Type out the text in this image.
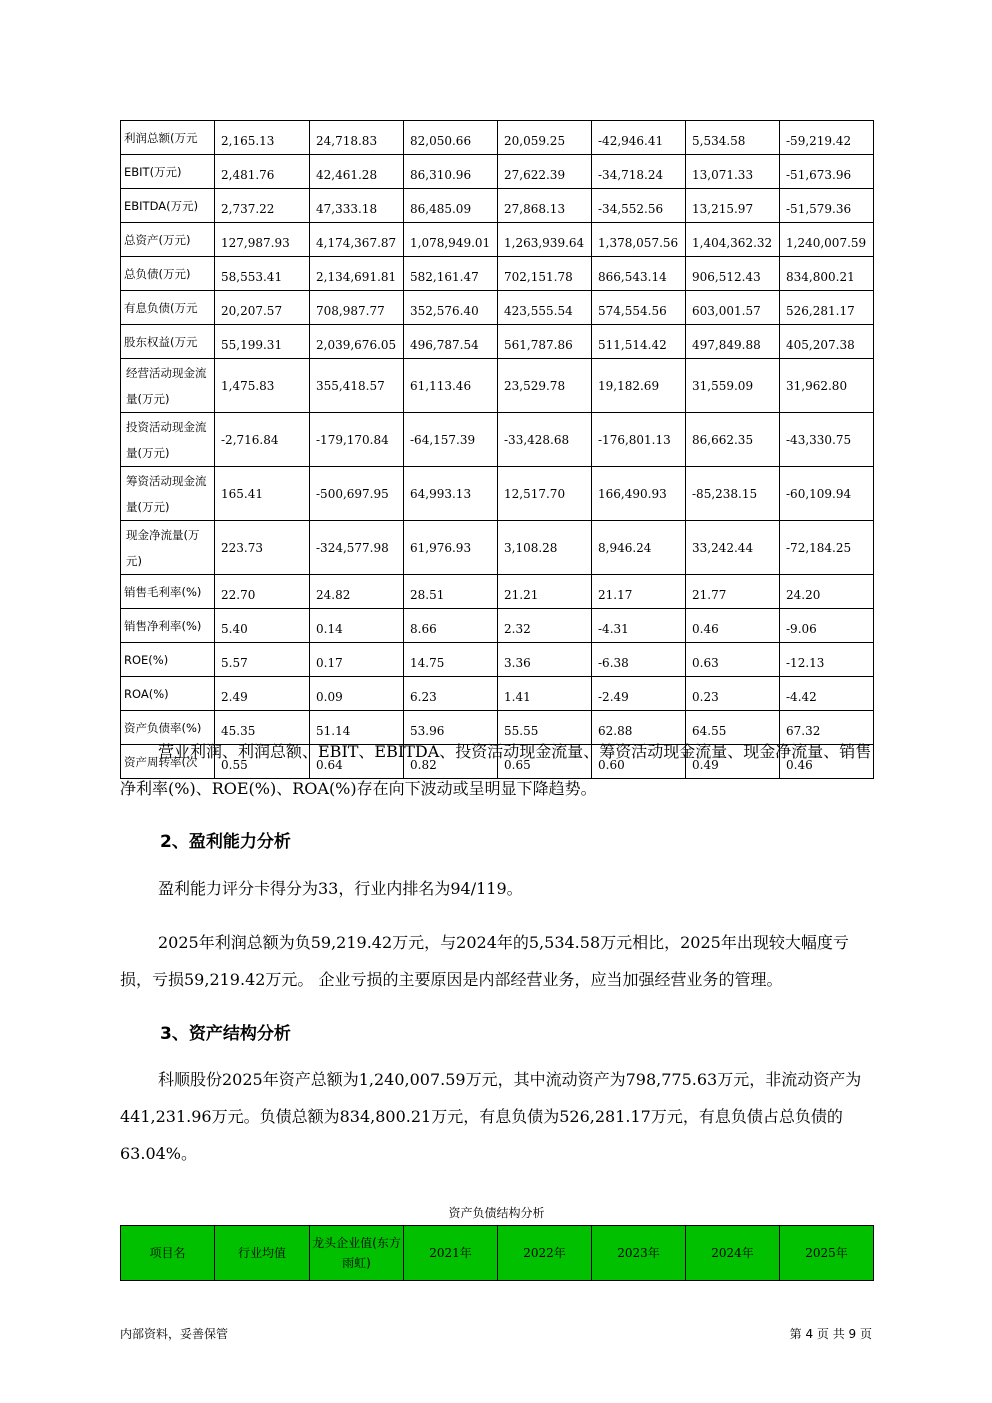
利润总额(万元	2,165.13	24,718.83	82,050.66	20,059.25	-42,946.41	5,534.58	-59,219.42
EBIT(万元)	2,481.76	42,461.28	86,310.96	27,622.39	-34,718.24	13,071.33	-51,673.96
EBITDA(万元)	2,737.22	47,333.18	86,485.09	27,868.13	-34,552.56	13,215.97	-51,579.36
总资产(万元)	127,987.93	4,174,367.87	1,078,949.01	1,263,939.64	1,378,057.56	1,404,362.32	1,240,007.59
总负债(万元)	58,553.41	2,134,691.81	582,161.47	702,151.78	866,543.14	906,512.43	834,800.21
有息负债(万元	20,207.57	708,987.77	352,576.40	423,555.54	574,554.56	603,001.57	526,281.17
股东权益(万元	55,199.31	2,039,676.05	496,787.54	561,787.86	511,514.42	497,849.88	405,207.38
经营活动现金流量(万元)	1,475.83	355,418.57	61,113.46	23,529.78	19,182.69	31,559.09	31,962.80
投资活动现金流量(万元)	-2,716.84	-179,170.84	-64,157.39	-33,428.68	-176,801.13	86,662.35	-43,330.75
筹资活动现金流量(万元)	165.41	-500,697.95	64,993.13	12,517.70	166,490.93	-85,238.15	-60,109.94
现金净流量(万元)	223.73	-324,577.98	61,976.93	3,108.28	8,946.24	33,242.44	-72,184.25
销售毛利率(%)	22.70	24.82	28.51	21.21	21.17	21.77	24.20
销售净利率(%)	5.40	0.14	8.66	2.32	-4.31	0.46	-9.06
ROE(%)	5.57	0.17	14.75	3.36	-6.38	0.63	-12.13
ROA(%)	2.49	0.09	6.23	1.41	-2.49	0.23	-4.42
资产负债率(%)	45.35	51.14	53.96	55.55	62.88	64.55	67.32
资产周转率(次	0.55	0.64	0.82	0.65	0.60	0.49	0.46

营业利润、利润总额、EBIT、EBITDA、投资活动现金流量、筹资活动现金流量、现金净流量、销售净利率(%)、ROE(%)、ROA(%)存在向下波动或呈明显下降趋势。

2、盈利能力分析

盈利能力评分卡得分为33，行业内排名为94/119。

2025年利润总额为负59,219.42万元，与2024年的5,534.58万元相比，2025年出现较大幅度亏损，亏损59,219.42万元。 企业亏损的主要原因是内部经营业务，应当加强经营业务的管理。

3、资产结构分析

科顺股份2025年资产总额为1,240,007.59万元，其中流动资产为798,775.63万元，非流动资产为441,231.96万元。负债总额为834,800.21万元，有息负债为526,281.17万元，有息负债占总负债的63.04%。

资产负债结构分析
项目名	行业均值	龙头企业值(东方雨虹)	2021年	2022年	2023年	2024年	2025年
内部资料，妥善保管	第 4 页 共 9 页
